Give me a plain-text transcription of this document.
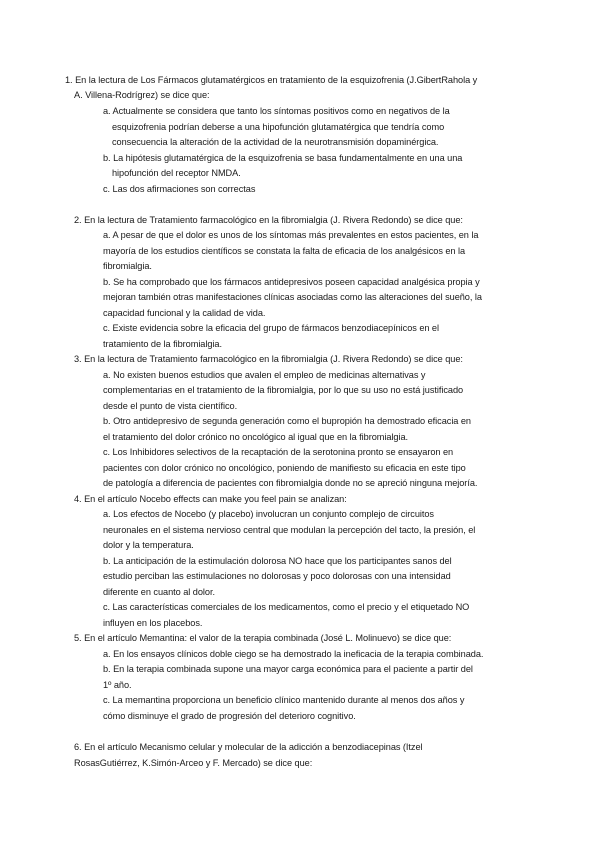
1. En la lectura de Los Fármacos glutamatérgicos en tratamiento de la esquizofrenia (J.GibertRahola y
A. Villena-Rodrígrez) se dice que:
a. Actualmente se considera que tanto los síntomas positivos como en negativos de la
esquizofrenia podrían deberse a una hipofunción glutamatérgica que tendría como
consecuencia la alteración de la actividad de la neurotransmisión dopaminérgica.
b. La hipótesis glutamatérgica de la esquizofrenia se basa fundamentalmente en una una
hipofunción del receptor NMDA.
c. Las dos afirmaciones son correctas
2. En la lectura de Tratamiento farmacológico en la fibromialgia (J. Rivera Redondo) se dice que:
a. A pesar de que el dolor es unos de los síntomas más prevalentes en estos pacientes, en la
mayoría de los estudios científicos se constata la falta de eficacia de los analgésicos en la
fibromialgia.
b. Se ha comprobado que los fármacos antidepresivos poseen capacidad analgésica propia y
mejoran también otras manifestaciones clínicas asociadas como las alteraciones del sueño, la
capacidad funcional y la calidad de vida.
c. Existe evidencia sobre la eficacia del grupo de fármacos benzodiacepínicos en el
tratamiento de la fibromialgia.
3. En la lectura de Tratamiento farmacológico en la fibromialgia (J. Rivera Redondo) se dice que:
a. No existen buenos estudios que avalen el empleo de medicinas alternativas y
complementarias en el tratamiento de la fibromialgia, por lo que su uso no está justificado
desde el punto de vista científico.
b. Otro antidepresivo de segunda generación como el bupropión ha demostrado eficacia en
el tratamiento del dolor crónico no oncológico al igual que en la fibromialgia.
c. Los Inhibidores selectivos de la recaptación de la serotonina pronto se ensayaron en
pacientes con dolor crónico no oncológico, poniendo de manifiesto su eficacia en este tipo
de patología a diferencia de pacientes con fibromialgia donde no se apreció ninguna mejoría.
4. En el artículo Nocebo effects can make you feel pain se analizan:
a. Los efectos de Nocebo (y placebo) involucran un conjunto complejo de circuitos
neuronales en el sistema nervioso central que modulan la percepción del tacto, la presión, el
dolor y la temperatura.
b. La anticipación de la estimulación dolorosa NO hace que los participantes sanos del
estudio perciban las estimulaciones no dolorosas y poco dolorosas con una intensidad
diferente en cuanto al dolor.
c. Las características comerciales de los medicamentos, como el precio y el etiquetado NO
influyen en los placebos.
5. En el artículo Memantina: el valor de la terapia combinada (José L. Molinuevo) se dice que:
a. En los ensayos clínicos doble ciego se ha demostrado la ineficacia de la terapia combinada.
b. En la terapia combinada supone una mayor carga económica para el paciente a partir del
1º año.
c. La memantina proporciona un beneficio clínico mantenido durante al menos dos años y
cómo disminuye el grado de progresión del deterioro cognitivo.
6. En el artículo Mecanismo celular y molecular de la adicción a benzodiacepinas (Itzel
RosasGutiérrez, K.Simón-Arceo y F. Mercado) se dice que:
